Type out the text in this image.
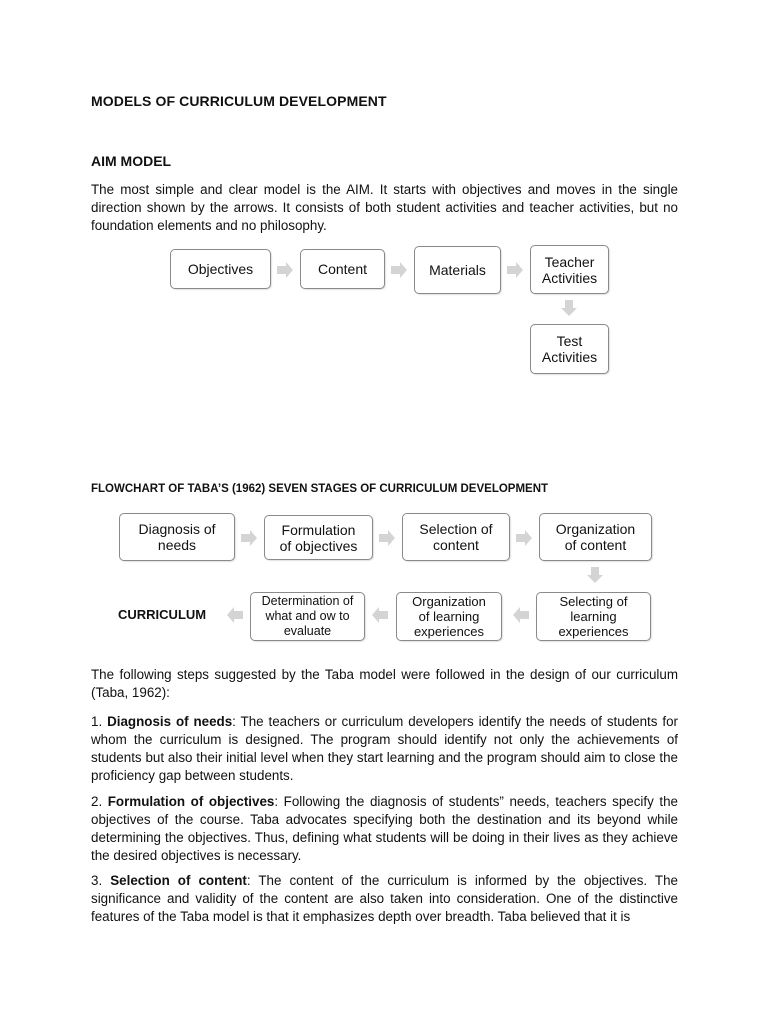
MODELS OF CURRICULUM DEVELOPMENT
AIM MODEL

The most simple and clear model is the AIM. It starts with objectives and moves in the single direction shown by the arrows. It consists of both student activities and teacher activities, but no foundation elements and no philosophy.

Objectives	Content	Materials
Teacher
Activities
Test
Activities
FLOWCHART OF TABA’S (1962) SEVEN STAGES OF CURRICULUM DEVELOPMENT
Diagnosis of
needs
Formulation
of objectives
Selection of
content
Organization
of content
Selecting of
learning
experiences
Organization
of learning
experiences
Determination of
what and ow to
evaluate
CURRICULUM

The following steps suggested by the Taba model were followed in the design of our curriculum (Taba, 1962):

1. Diagnosis of needs: The teachers or curriculum developers identify the needs of students for whom the curriculum is designed. The program should identify not only the achievements of students but also their initial level when they start learning and the program should aim to close the proficiency gap between students.

2. Formulation of objectives: Following the diagnosis of students” needs, teachers specify the objectives of the course. Taba advocates specifying both the destination and its beyond while determining the objectives. Thus, defining what students will be doing in their lives as they achieve the desired objectives is necessary.

3. Selection of content: The content of the curriculum is informed by the objectives. The significance and validity of the content are also taken into consideration. One of the distinctive features of the Taba model is that it emphasizes depth over breadth. Taba believed that it is
